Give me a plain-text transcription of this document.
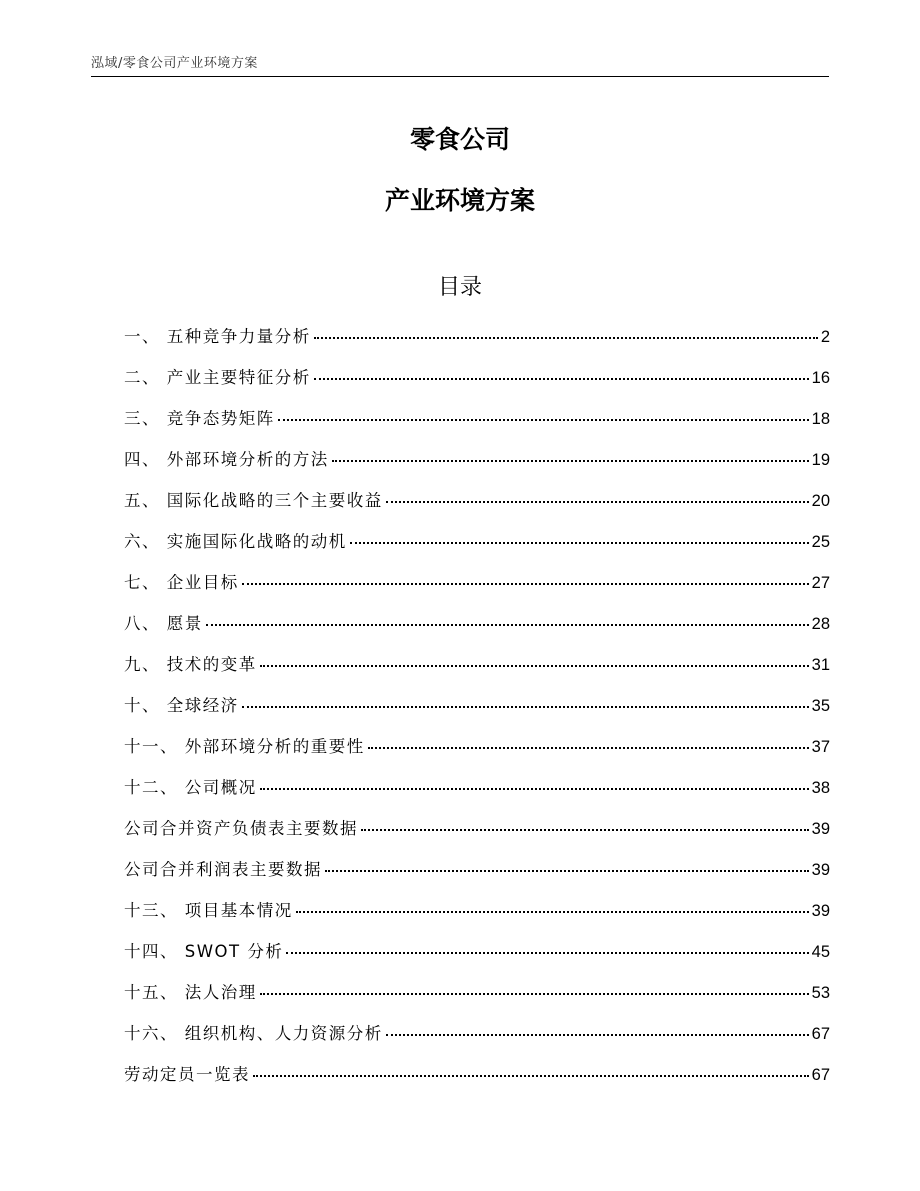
泓域/零食公司产业环境方案
零食公司
产业环境方案
目录
一、 五种竞争力量分析	2
二、 产业主要特征分析	16
三、 竞争态势矩阵	18
四、 外部环境分析的方法	19
五、 国际化战略的三个主要收益	20
六、 实施国际化战略的动机	25
七、 企业目标	27
八、 愿景	28
九、 技术的变革	31
十、 全球经济	35
十一、 外部环境分析的重要性	37
十二、 公司概况	38
公司合并资产负债表主要数据	39
公司合并利润表主要数据	39
十三、 项目基本情况	39
十四、 SWOT 分析	45
十五、 法人治理	53
十六、 组织机构、人力资源分析	67
劳动定员一览表	67
